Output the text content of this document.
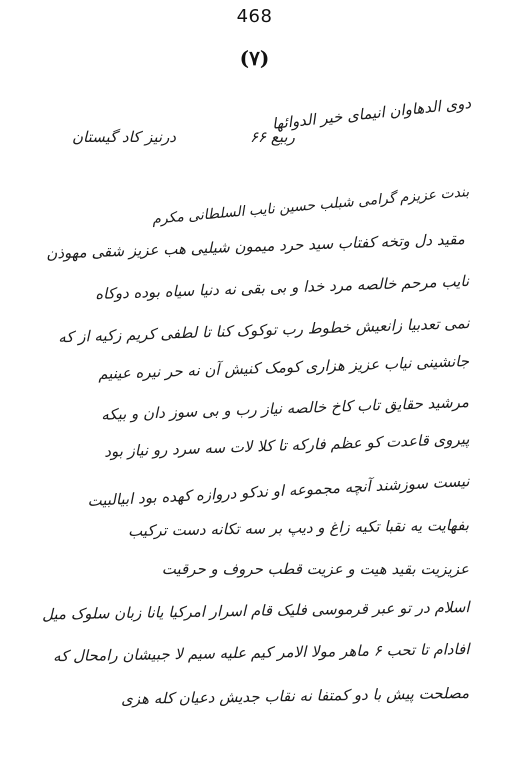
468
(۷)
دوی الدهاوان انیمای خیر الدوائها
ربیع ۶۶
درنیز کاد گیستان
بندت عزیزم گرامی شبلب حسین نایب السلطانی مکرم
مقید دل وتخه کفتاب سید حرد میمون شیلیی هب عزیز شقی مهوذن
نایب مرحم خالصه مرد خدا و بی بقی نه دنیا سیاه بوده دوکاه
نمی تعدبیا زانعیش خطوط رب توکوک کنا تا لطفی کریم زکیه از که
جانشینی نیاب عزیز هزاری کومک کنیش آن نه حر نیره عینیم
مرشید حقایق تاب کاخ خالصه نیاز رب و بی سوز دان و بیکه
پیروی قاعدت کو عظم فارکه تا کلا لات سه سرد رو نیاز بود
نیست سوزشند آنچه مجموعه او ندکو دروازه کهده بود ابیالبیت
بفهایت یه نقبا تکیه زاغ و دیپ بر سه تکانه دست ترکیب
عزیزیت بقید هیت و عزیت قطب حروف و حرقیت
اسلام در تو عبر قرموسی فلیک قام اسرار امرکیا یانا زبان سلوک میل
افادام تا تحب ۶ ماهر مولا الامر کیم علیه سیم لا جبیشان رامحال که
مصلحت پیش با دو کمتفا نه نقاب جدیش دعیان کله هزی
